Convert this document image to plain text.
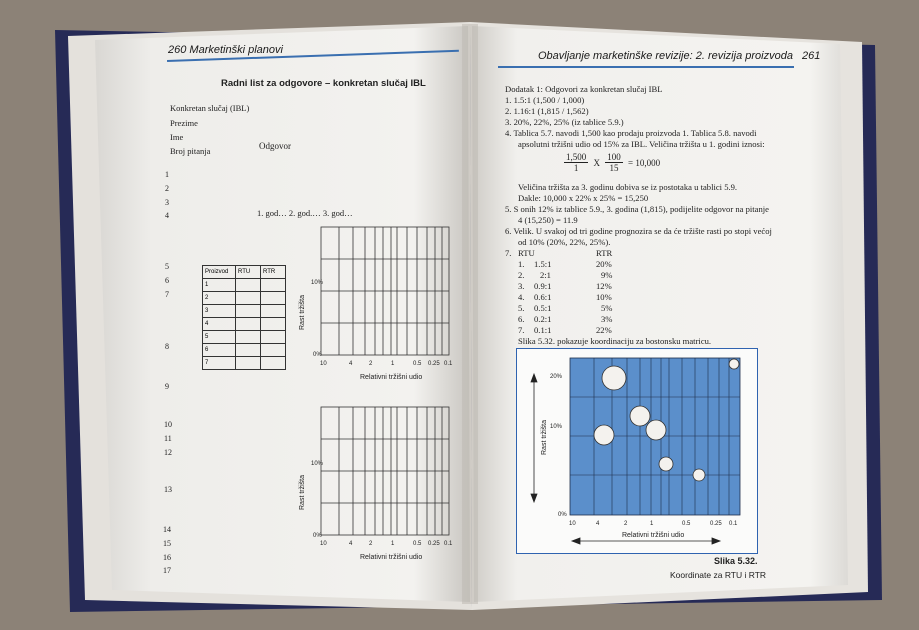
260 Marketinški planovi
Radni list za odgovore – konkretan slučaj IBL
Konkretan slučaj (IBL)
Prezime
Ime
Broj pitanja	Odgovor
1
2
3
4
5
6
7
8
9
10
11
12
13
14
15
16
17
1. god… 2. god.… 3. god…
Proizvod	RTU	RTR
1		
2		
3		
4		
5		
6		
7		
10%
0%
Rast tržišta
10	4	2	1	0.5 0.25 0.1
Relativni tržišni udio
10%
0%
Rast tržišta
10	4	2	1	0.5 0.25 0.1
Relativni tržišni udio
Obavljanje marketinške revizije: 2. revizija proizvoda 261
Dodatak 1: Odgovori za konkretan slučaj IBL
1. 1.5:1 (1,500 / 1,000)
2. 1.16:1 (1,815 / 1,562)
3. 20%, 22%, 25% (iz tablice 5.9.)
4. Tablica 5.7. navodi 1,500 kao prodaju proizvoda 1. Tablica 5.8. navodi
apsolutni tržišni udio od 15% za IBL. Veličina tržišta u 1. godini iznosi:
$\frac{1,500}{1}$ X $\frac{100}{15} = 10,000$
Veličina tržišta za 3. godinu dobiva se iz postotaka u tablici 5.9.
Dakle: 10,000 x 22% x 25% = 15,250
5. S onih 12% iz tablice 5.9., 3. godina (1,815), podijelite odgovor na pitanje
4 (15,250) = 11.9
6. Velik. U svakoj od tri godine prognozira se da će tržište rasti po stopi većoj
od 10% (20%, 22%, 25%).
7. RTU	RTR
1. 1.5:1	20%
2. 2:1	9%
3. 0.9:1	12%
4. 0.6:1	10%
5. 0.5:1	5%
6. 0.2:1	3%
7. 0.1:1	22%
Slika 5.32. pokazuje koordinaciju za bostonsku matricu.
20%
10%
0%
Rast tržišta
10	4	2	1	0.5	0.25 0.1
Relativni tržišni udio
Slika 5.32.
Koordinate za RTU i RTR
